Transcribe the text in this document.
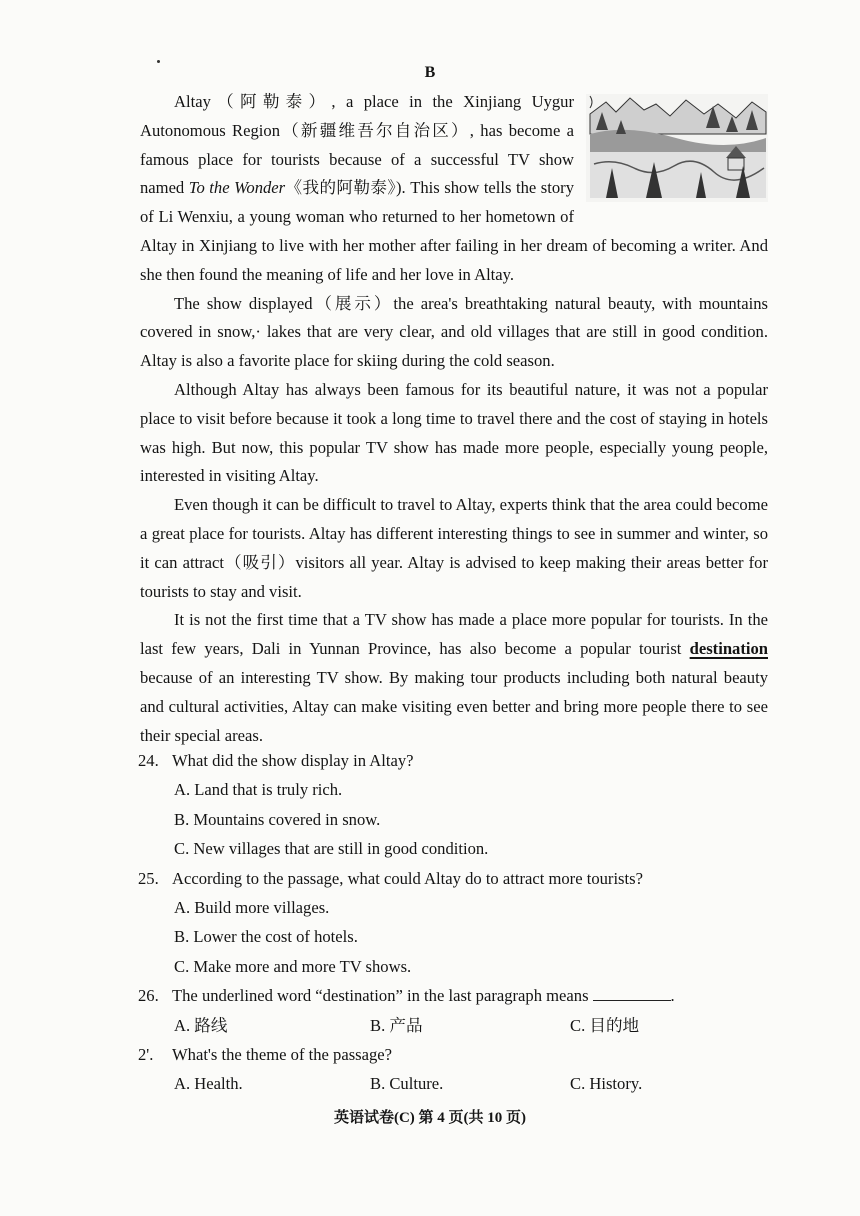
B

Altay（阿勒泰）, a place in the Xinjiang Uygur Autonomous Region（新疆维吾尔自治区）, has become a famous place for tourists because of a successful TV show named To the Wonder《我的阿勒泰》). This show tells the story of Li Wenxiu, a young woman who returned to her hometown of Altay in Xinjiang to live with her mother after failing in her dream of becoming a writer. And she then found the meaning of life and her love in Altay.

The show displayed（展示）the area's breathtaking natural beauty, with mountains covered in snow,· lakes that are very clear, and old villages that are still in good condition. Altay is also a favorite place for skiing during the cold season.

Although Altay has always been famous for its beautiful nature, it was not a popular place to visit before because it took a long time to travel there and the cost of staying in hotels was high. But now, this popular TV show has made more people, especially young people, interested in visiting Altay.

Even though it can be difficult to travel to Altay, experts think that the area could become a great place for tourists. Altay has different interesting things to see in summer and winter, so it can attract（吸引）visitors all year. Altay is advised to keep making their areas better for tourists to stay and visit.

It is not the first time that a TV show has made a place more popular for tourists. In the last few years, Dali in Yunnan Province, has also become a popular tourist destination because of an interesting TV show. By making tour products including both natural beauty and cultural activities, Altay can make visiting even better and bring more people there to see their special areas.

24. What did the show display in Altay?

A. Land that is truly rich.

B. Mountains covered in snow.

C. New villages that are still in good condition.

25. According to the passage, what could Altay do to attract more tourists?

A. Build more villages.

B. Lower the cost of hotels.

C. Make more and more TV shows.

26. The underlined word “destination” in the last paragraph means	.

A. 路线	B. 产品	C. 目的地

2'. What's the theme of the passage?

A. Health.	B. Culture.	C. History.
英语试卷(C) 第 4 页(共 10 页)
